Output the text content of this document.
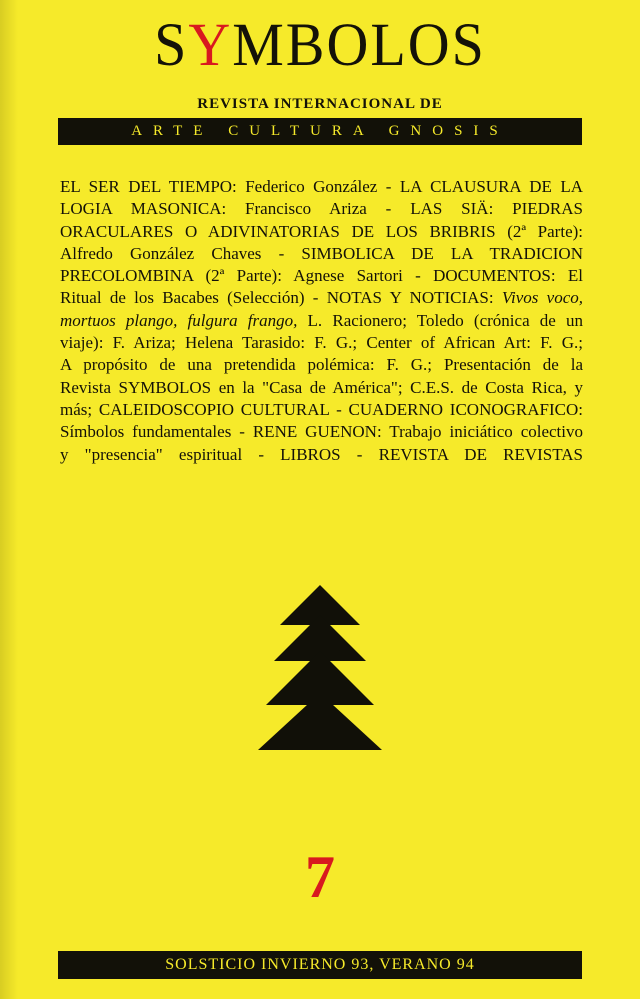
SYMBOLOS
REVISTA INTERNACIONAL DE
ARTE CULTURA GNOSIS
EL SER DEL TIEMPO: Federico González - LA CLAUSURA DE LA
LOGIA MASONICA: Francisco Ariza - LAS SIÄ: PIEDRAS
ORACULARES O ADIVINATORIAS DE LOS BRIBRIS (2ª Parte):
Alfredo González Chaves - SIMBOLICA DE LA TRADICION
PRECOLOMBINA (2ª Parte): Agnese Sartori - DOCUMENTOS: El
Ritual de los Bacabes (Selección) - NOTAS Y NOTICIAS: Vivos voco,
mortuos plango, fulgura frango, L. Racionero; Toledo (crónica de un
viaje): F. Ariza; Helena Tarasido: F. G.; Center of African Art: F. G.;
A propósito de una pretendida polémica: F. G.; Presentación de la
Revista SYMBOLOS en la "Casa de América"; C.E.S. de Costa Rica, y
más; CALEIDOSCOPIO CULTURAL - CUADERNO ICONOGRAFICO:
Símbolos fundamentales - RENE GUENON: Trabajo iniciático colectivo
y "presencia" espiritual - LIBROS - REVISTA DE REVISTAS
7
SOLSTICIO INVIERNO 93, VERANO 94
